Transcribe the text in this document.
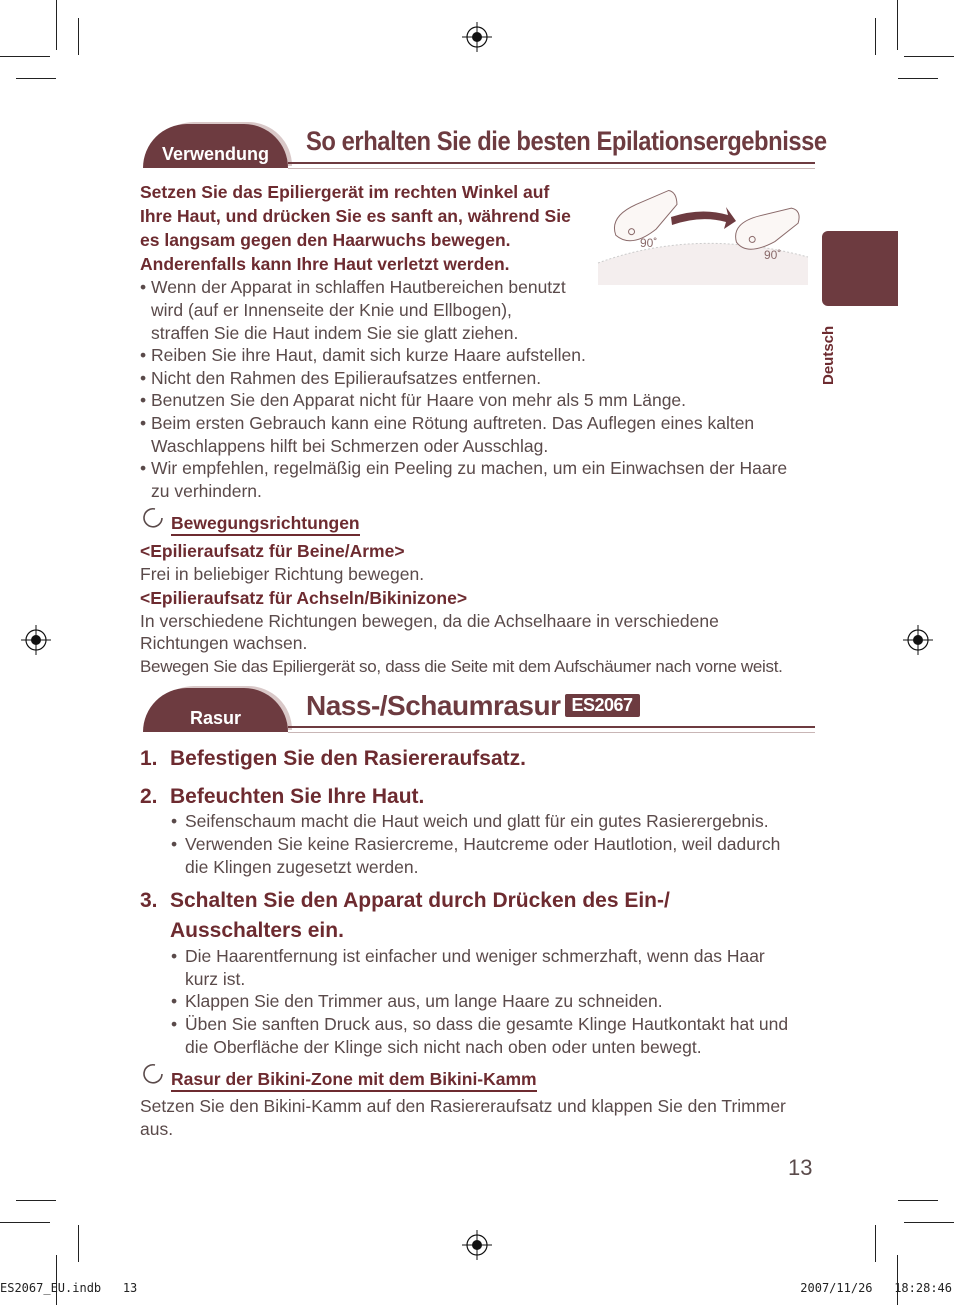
Deutsch
Verwendung	So erhalten Sie die besten Epilationsergebnisse
Setzen Sie das Epiliergerät im rechten Winkel auf
Ihre Haut, und drücken Sie es sanft an, während Sie
es langsam gegen den Haarwuchs bewegen.
Anderenfalls kann Ihre Haut verletzt werden.
90˚
90˚
• Wenn der Apparat in schlaffen Hautbereichen benutzt
wird (auf er Innenseite der Knie und Ellbogen),
straffen Sie die Haut indem Sie sie glatt ziehen.
• Reiben Sie ihre Haut, damit sich kurze Haare aufstellen.
• Nicht den Rahmen des Epilieraufsatzes entfernen.
• Benutzen Sie den Apparat nicht für Haare von mehr als 5 mm Länge.
• Beim ersten Gebrauch kann eine Rötung auftreten. Das Auflegen eines kalten
Waschlappens hilft bei Schmerzen oder Ausschlag.
• Wir empfehlen, regelmäßig ein Peeling zu machen, um ein Einwachsen der Haare
zu verhindern.
Bewegungsrichtungen
<Epilieraufsatz für Beine/Arme>
Frei in beliebiger Richtung bewegen.
<Epilieraufsatz für Achseln/Bikinizone>
In verschiedene Richtungen bewegen, da die Achselhaare in verschiedene
Richtungen wachsen.
Bewegen Sie das Epiliergerät so, dass die Seite mit dem Aufschäumer nach vorne weist.
Rasur	Nass-/Schaumrasur ES2067
1. Befestigen Sie den Rasiereraufsatz.
2. Befeuchten Sie Ihre Haut.
• Seifenschaum macht die Haut weich und glatt für ein gutes Rasierergebnis.
• Verwenden Sie keine Rasiercreme, Hautcreme oder Hautlotion, weil dadurch
die Klingen zugesetzt werden.
3. Schalten Sie den Apparat durch Drücken des Ein-/
Ausschalters ein.
• Die Haarentfernung ist einfacher und weniger schmerzhaft, wenn das Haar
kurz ist.
• Klappen Sie den Trimmer aus, um lange Haare zu schneiden.
• Üben Sie sanften Druck aus, so dass die gesamte Klinge Hautkontakt hat und
die Oberfläche der Klinge sich nicht nach oben oder unten bewegt.
Rasur der Bikini-Zone mit dem Bikini-Kamm
Setzen Sie den Bikini-Kamm auf den Rasiereraufsatz und klappen Sie den Trimmer
aus.
13
ES2067_EU.indb   13	2007/11/26   18:28:46
